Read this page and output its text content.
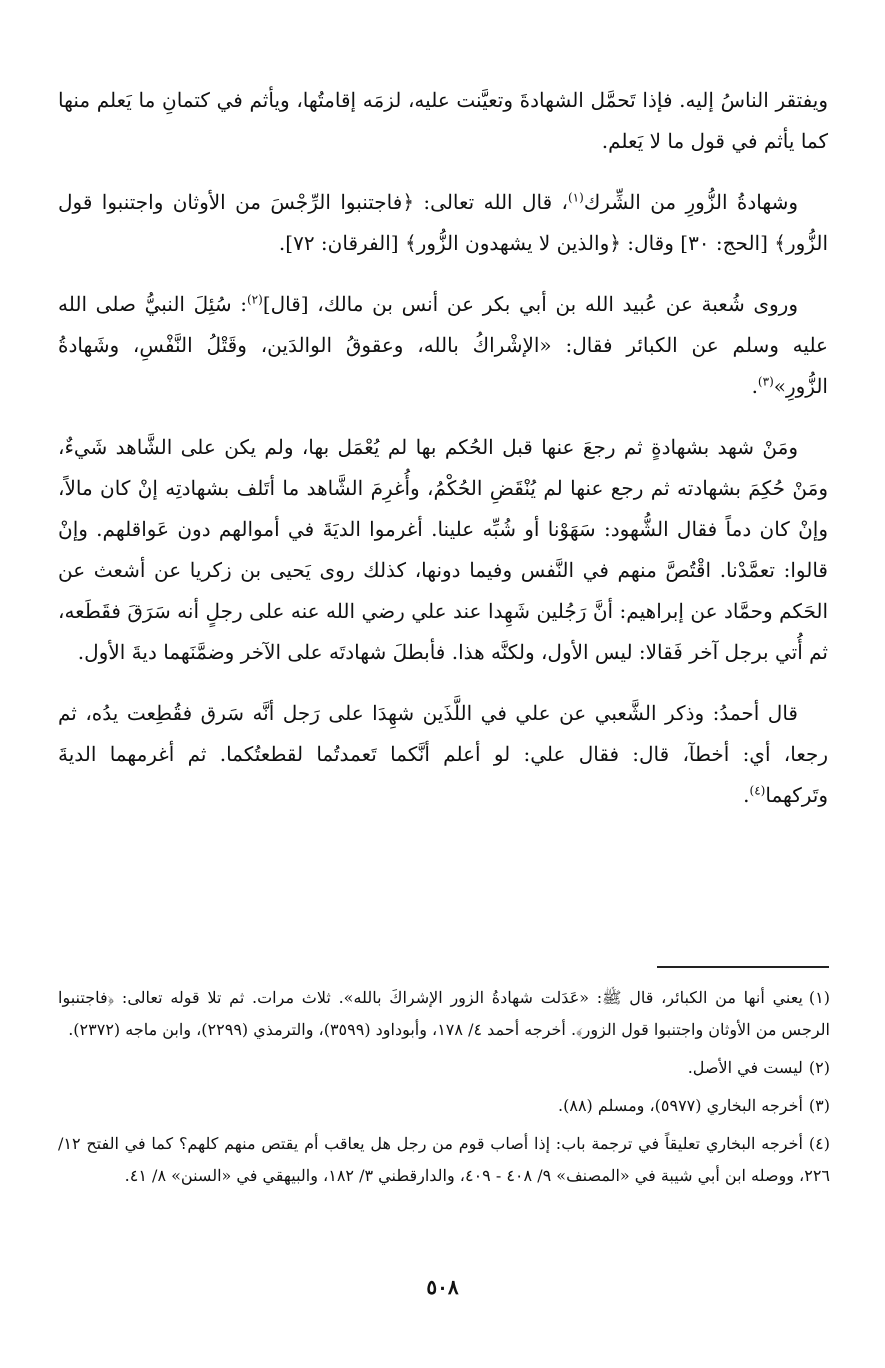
ويفتقر الناسُ إليه. فإذا تَحمَّل الشهادةَ وتعيَّنت عليه، لزمَه إقامتُها، ويأثم في كتمانِ ما يَعلم منها كما يأثم في قول ما لا يَعلم.

وشهادةُ الزُّورِ من الشِّرك$^{(١)}$، قال الله تعالى: ﴿فاجتنبوا الرِّجْسَ من الأوثان واجتنبوا قول الزُّور﴾ [الحج: ٣٠] وقال: ﴿والذين لا يشهدون الزُّور﴾ [الفرقان: ٧٢].

وروى شُعبة عن عُبيد الله بن أبي بكر عن أنس بن مالك، [قال]$^{(٢)}$: سُئِلَ النبيُّ صلى الله عليه وسلم عن الكبائر فقال: «الإشْراكُ بالله، وعقوقُ الوالدَين، وقَتْلُ النَّفْسِ، وشَهادةُ الزُّورِ»$^{(٣)}$.

ومَنْ شهد بشهادةٍ ثم رجعَ عنها قبل الحُكم بها لم يُعْمَل بها، ولم يكن على الشَّاهد شَيءٌ، ومَنْ حُكِمَ بشهادته ثم رجع عنها لم يُنْقَضِ الحُكْمُ، وأُغرِمَ الشَّاهد ما أتَلف بشهادتِه إنْ كان مالاً، وإنْ كان دماً فقال الشُّهود: سَهَوْنا أو شُبِّه علينا. أغرموا الديَةَ في أموالهم دون عَواقلهم. وإنْ قالوا: تعمَّدْنا. اقْتُصَّ منهم في النَّفس وفيما دونها، كذلك روى يَحيى بن زكريا عن أشعث عن الحَكم وحمَّاد عن إبراهيم: أنَّ رَجُلين شَهِدا عند علي رضي الله عنه على رجلٍ أنه سَرَقَ فقَطَعه، ثم أُتي برجل آخر فَقالا: ليس الأول، ولكنَّه هذا. فأبطلَ شهادتَه على الآخر وضمَّنَهما ديةَ الأول.

قال أحمدُ: وذكر الشَّعبي عن علي في اللَّذَين شهِدَا على رَجل أنَّه سَرق فقُطِعت يدُه، ثم رجعا، أي: أخطآ، قال: فقال علي: لو أعلم أنَّكما تَعمدتُما لقطعتُكما. ثم أغرمهما الديةَ وتَركهما$^{(٤)}$.

(١)يعني أنها من الكبائر، قال ﷺ: «عَدَلت شهادةُ الزور الإشراكَ بالله». ثلاث مرات. ثم تلا قوله تعالى: ﴿فاجتنبوا الرجس من الأوثان واجتنبوا قول الزور﴾. أخرجه أحمد ٤/ ١٧٨، وأبوداود (٣٥٩٩)، والترمذي (٢٢٩٩)، وابن ماجه (٢٣٧٢).
(٢)ليست في الأصل.
(٣)أخرجه البخاري (٥٩٧٧)، ومسلم (٨٨).
(٤)أخرجه البخاري تعليقاً في ترجمة باب: إذا أصاب قوم من رجل هل يعاقب أم يقتص منهم كلهم؟ كما في الفتح ١٢/ ٢٢٦، ووصله ابن أبي شيبة في «المصنف» ٩/ ٤٠٨ - ٤٠٩، والدارقطني ٣/ ١٨٢، والبيهقي في «السنن» ٨/ ٤١.
٥٠٨
